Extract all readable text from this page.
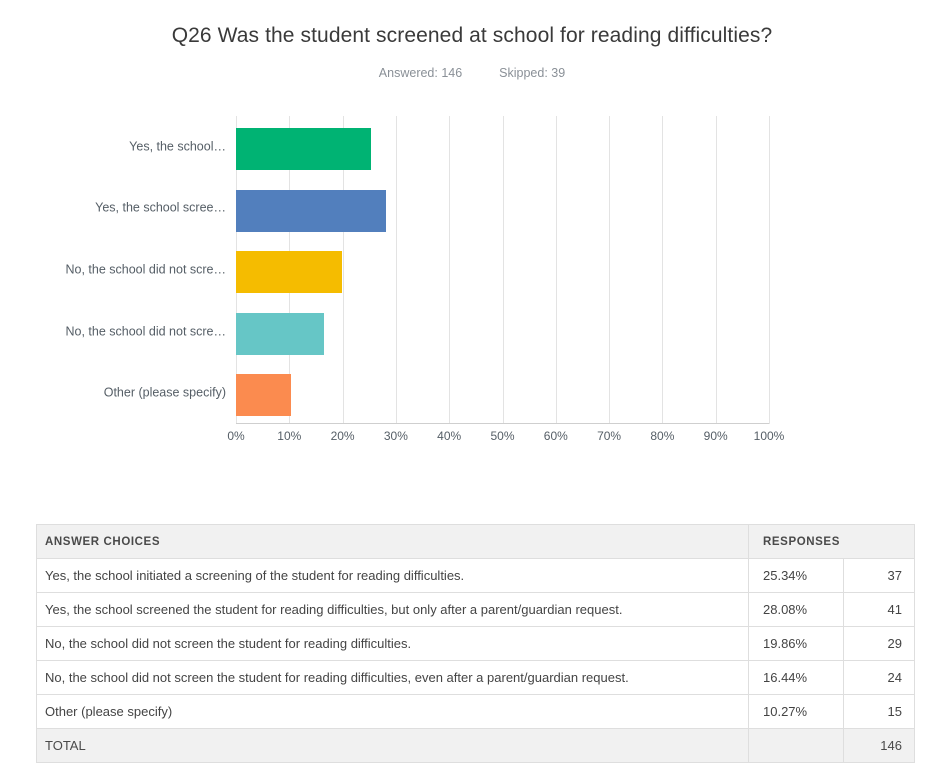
Q26 Was the student screened at school for reading difficulties?
Answered: 146	Skipped: 39
Yes, the school…
Yes, the school scree…
No, the school did not scre…
No, the school did not scre…
Other (please specify)
0%	10% 20% 30% 40% 50% 60% 70% 80% 90% 100%
ANSWER CHOICES	RESPONSES	
Yes, the school initiated a screening of the student for reading difficulties.	25.34%	37
Yes, the school screened the student for reading difficulties, but only after a parent/guardian request.	28.08%	41
No, the school did not screen the student for reading difficulties.	19.86%	29
No, the school did not screen the student for reading difficulties, even after a parent/guardian request.	16.44%	24
Other (please specify)	10.27%	15
TOTAL		146
